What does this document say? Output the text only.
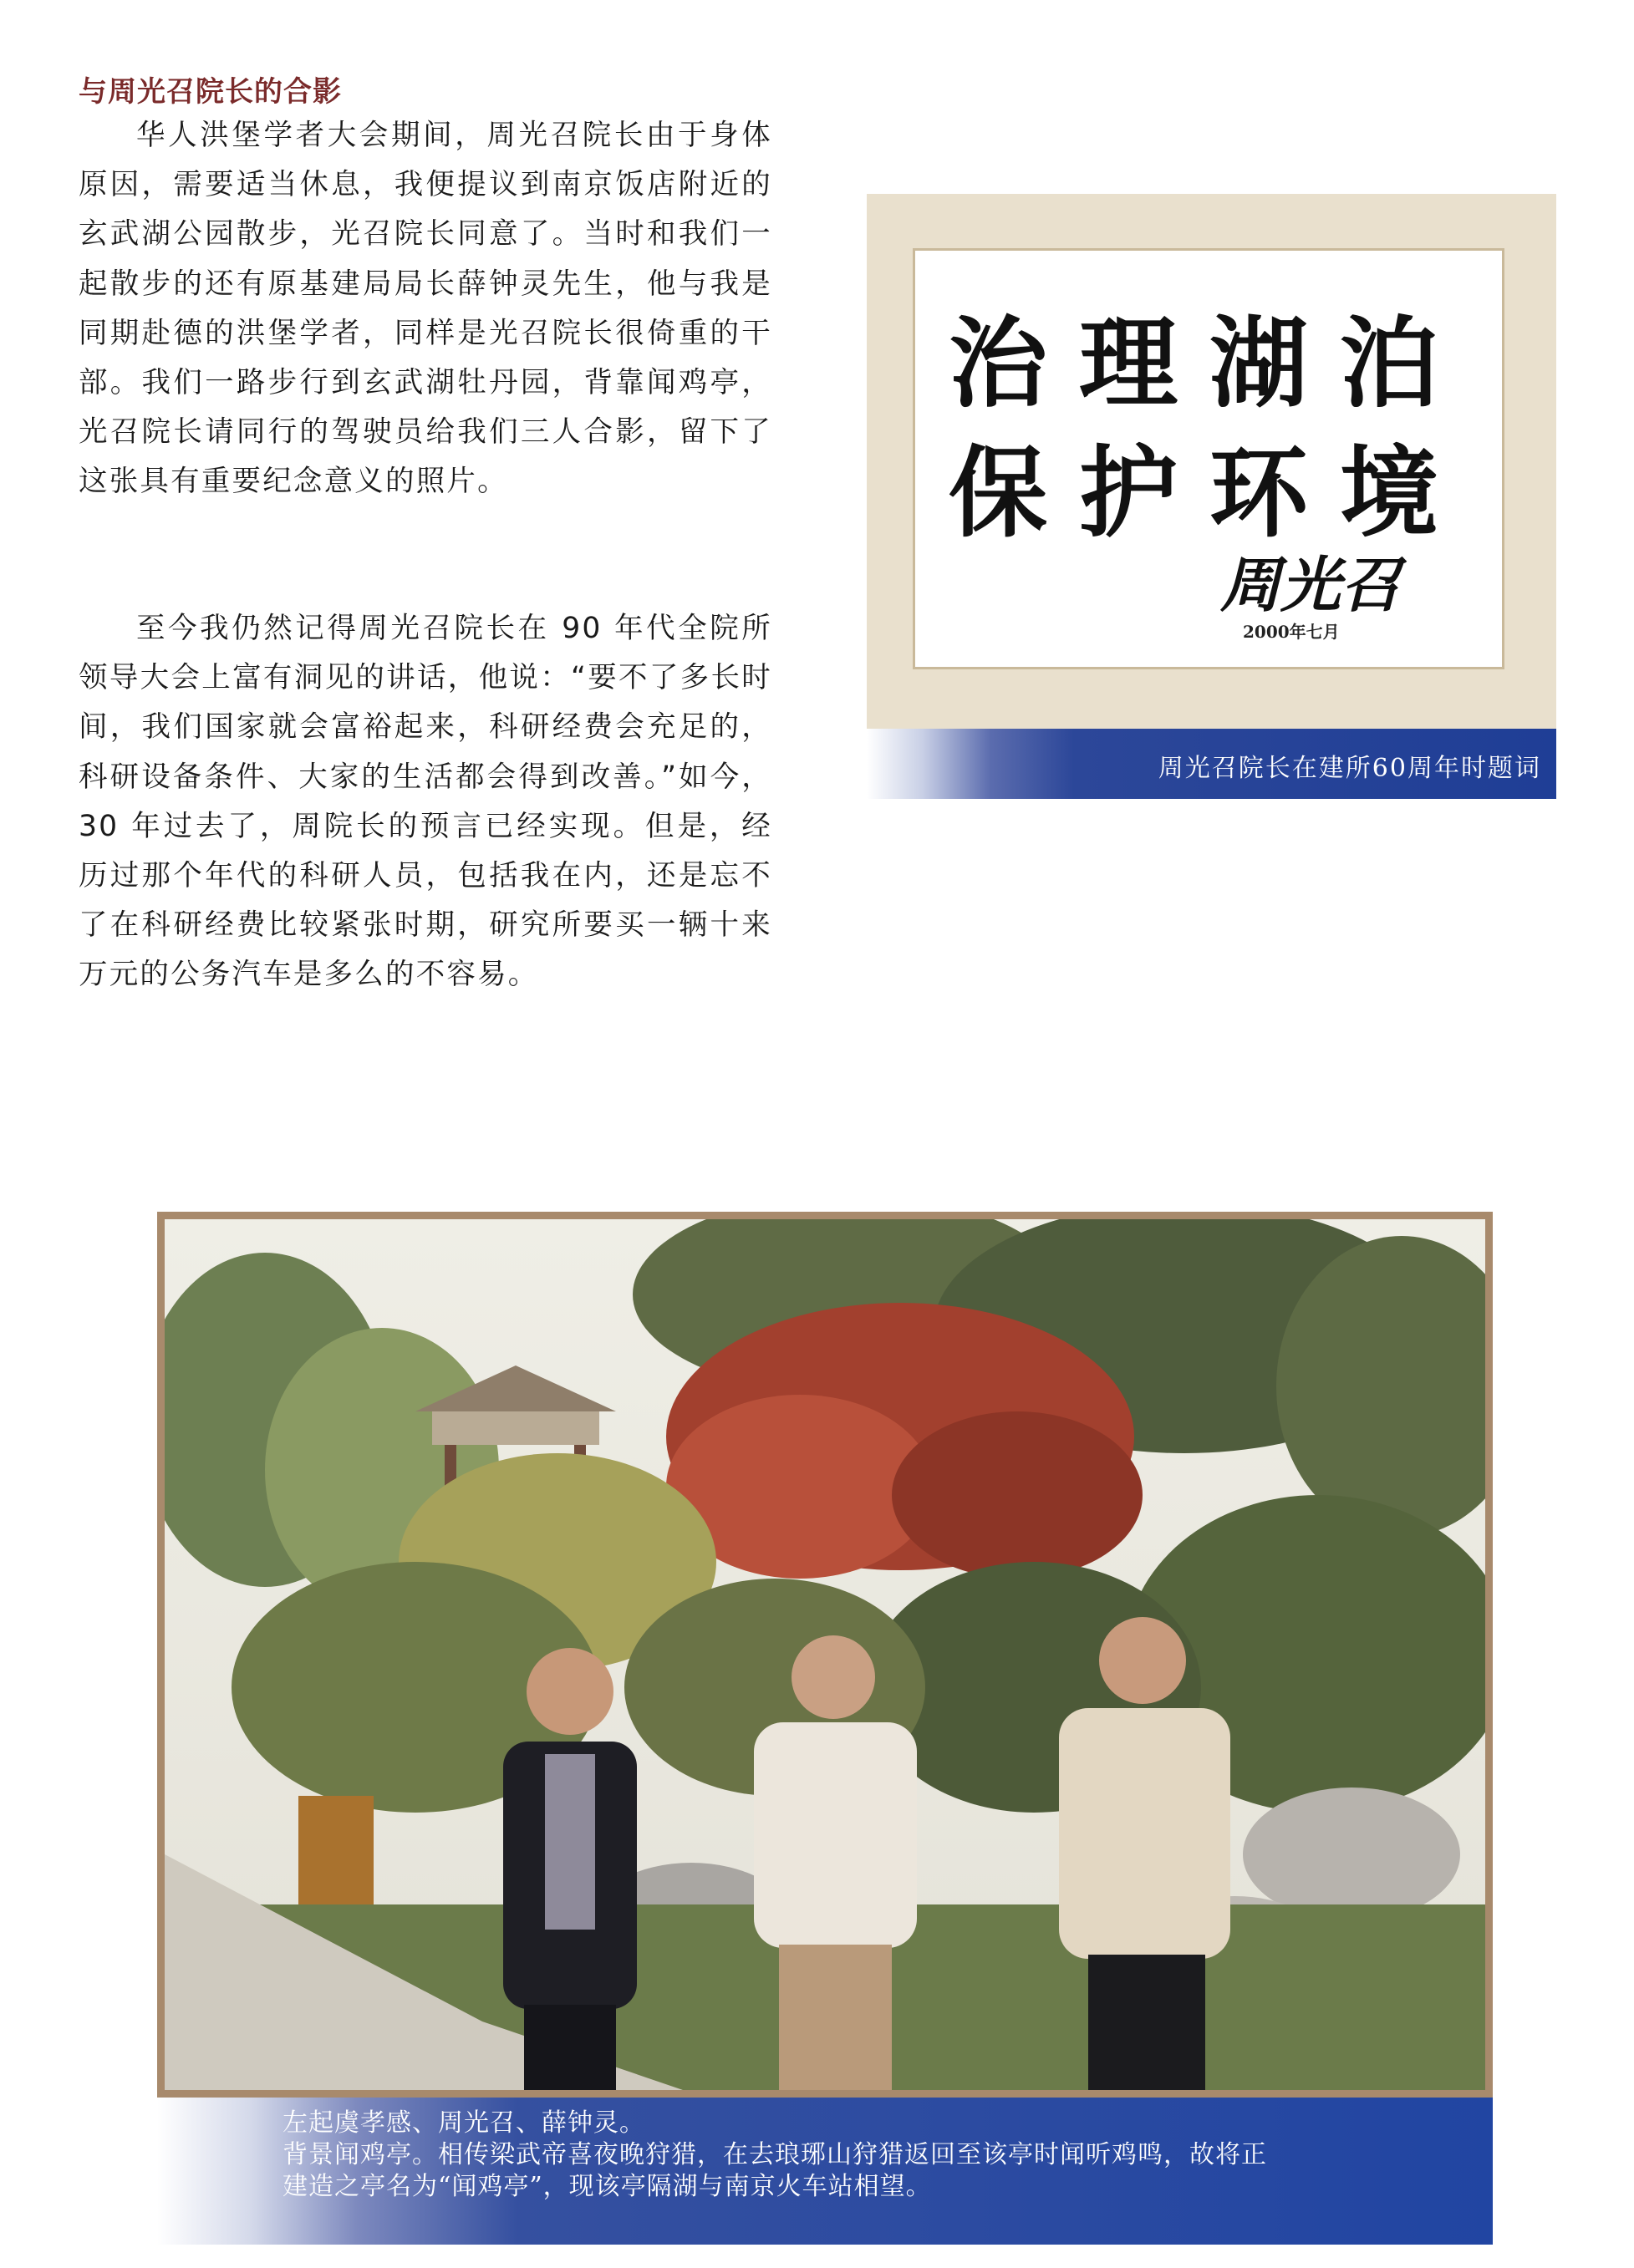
与周光召院长的合影

华人洪堡学者大会期间，周光召院长由于身体原因，需要适当休息，我便提议到南京饭店附近的玄武湖公园散步，光召院长同意了。当时和我们一起散步的还有原基建局局长薛钟灵先生，他与我是同期赴德的洪堡学者，同样是光召院长很倚重的干部。我们一路步行到玄武湖牡丹园，背靠闻鸡亭，光召院长请同行的驾驶员给我们三人合影，留下了这张具有重要纪念意义的照片。

至今我仍然记得周光召院长在 90 年代全院所领导大会上富有洞见的讲话，他说：“要不了多长时间，我们国家就会富裕起来，科研经费会充足的，科研设备条件、大家的生活都会得到改善。”如今，30 年过去了，周院长的预言已经实现。但是，经历过那个年代的科研人员，包括我在内，还是忘不了在科研经费比较紧张时期，研究所要买一辆十来万元的公务汽车是多么的不容易。

治理湖泊
保护环境
周光召
2000年七月
周光召院长在建所60周年时题词
左起虞孝感、周光召、薛钟灵。
背景闻鸡亭。相传梁武帝喜夜晚狩猎，在去琅琊山狩猎返回至该亭时闻听鸡鸣，故将正
建造之亭名为“闻鸡亭”，现该亭隔湖与南京火车站相望。
